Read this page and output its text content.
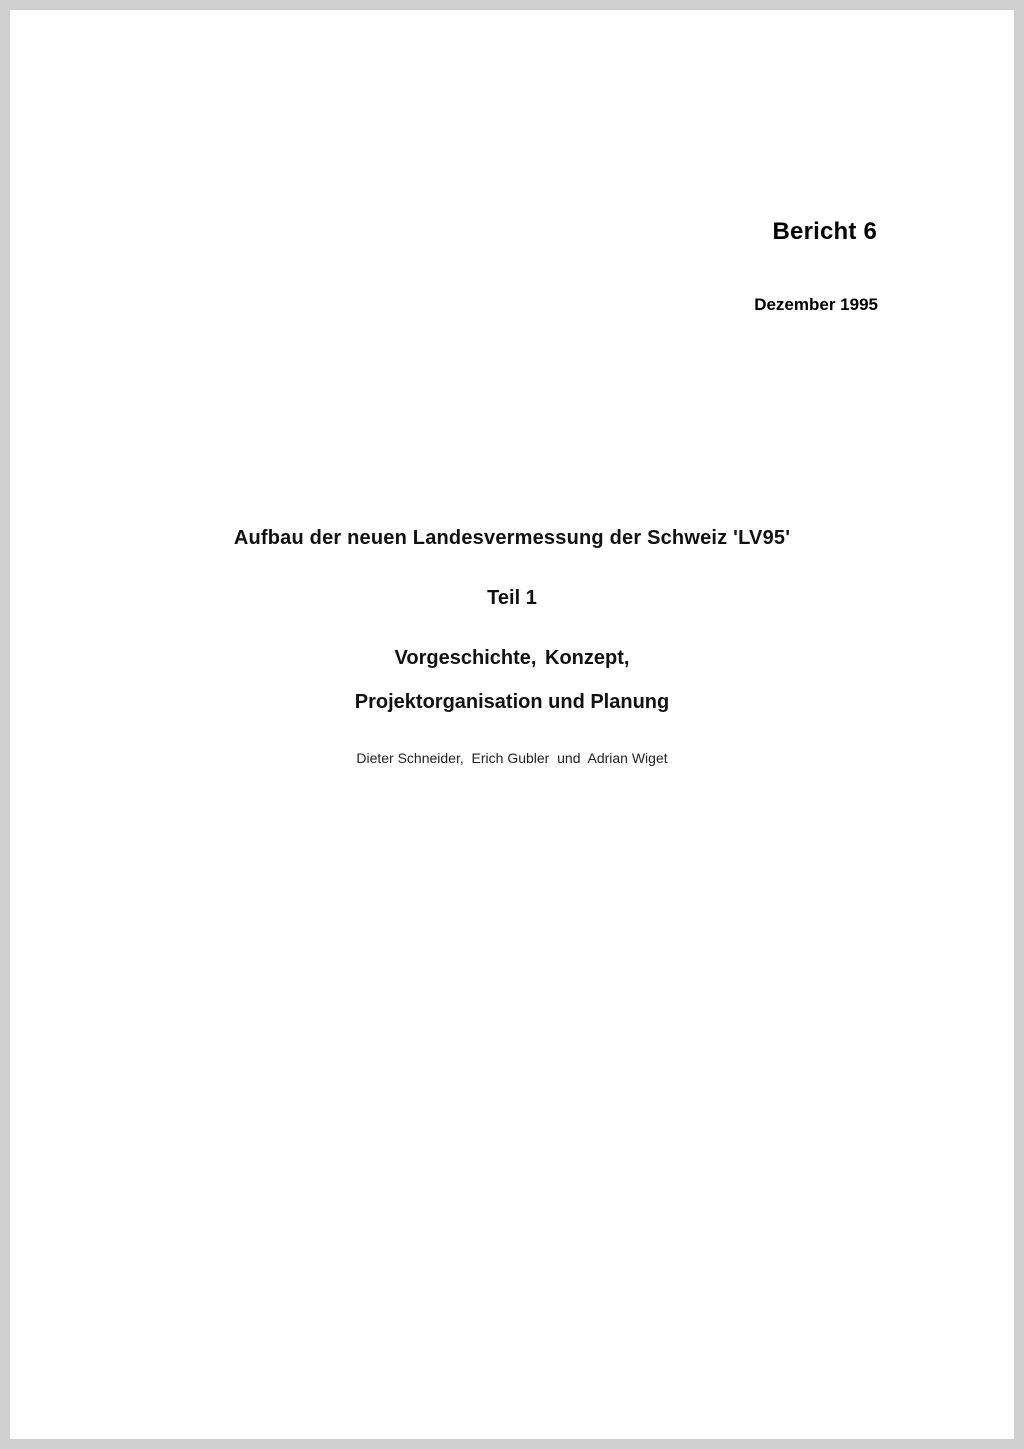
Bericht 6
Dezember 1995
Aufbau der neuen Landesvermessung der Schweiz 'LV95'
Teil 1
Vorgeschichte, Konzept,
Projektorganisation und Planung
Dieter Schneider,  Erich Gubler  und  Adrian Wiget
